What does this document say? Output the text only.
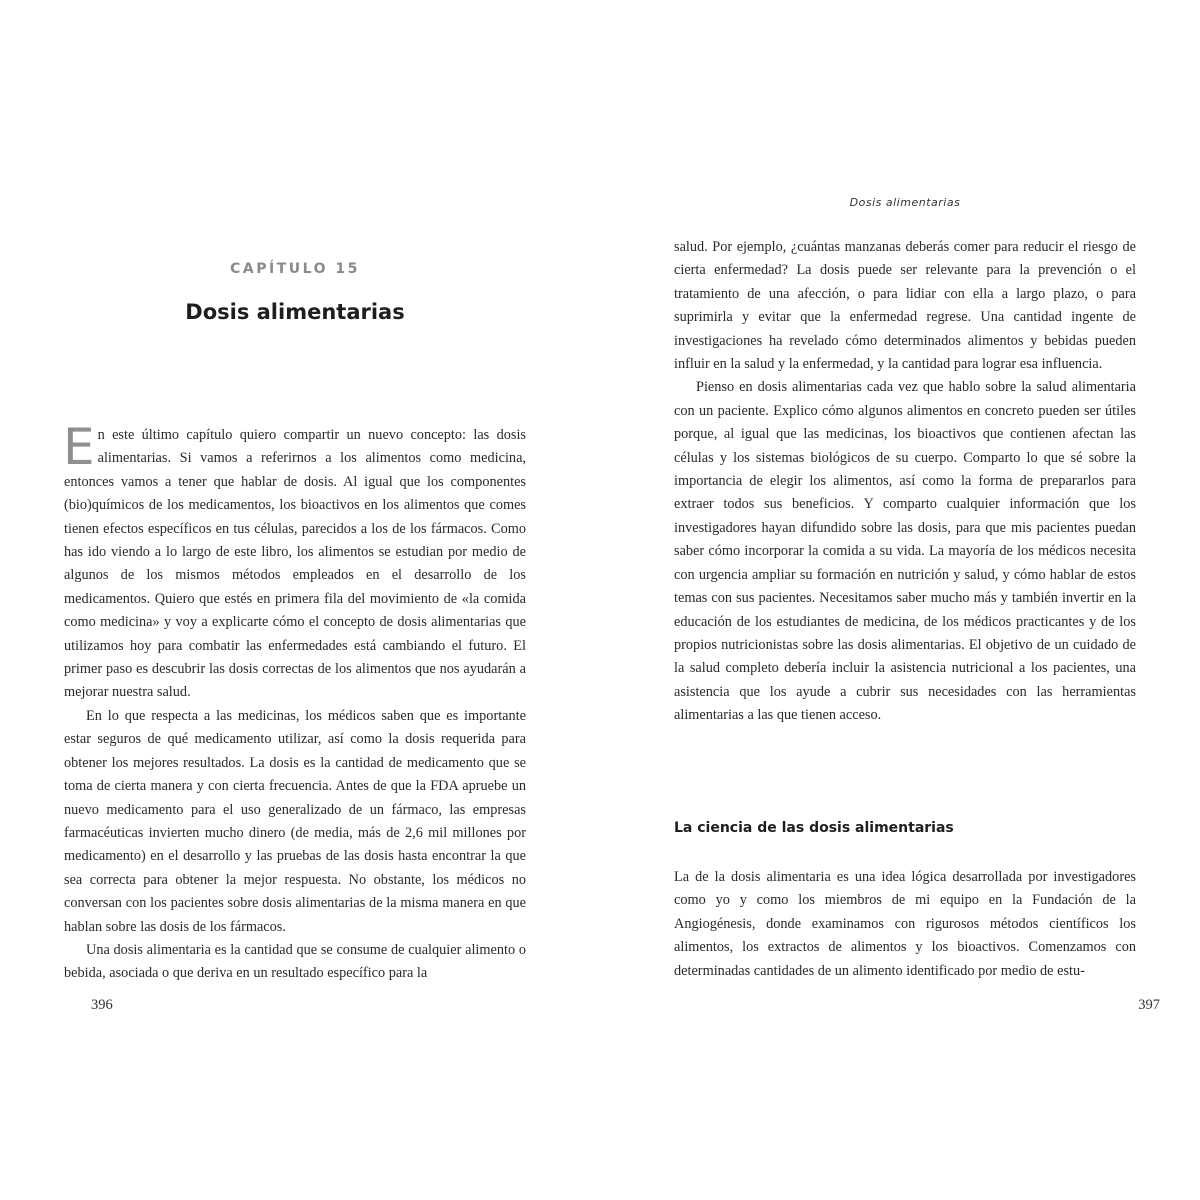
CAPÍTULO 15
Dosis alimentarias

En este último capítulo quiero compartir un nuevo concepto: las dosis alimentarias. Si vamos a referirnos a los alimentos como medicina, entonces vamos a tener que hablar de dosis. Al igual que los componentes (bio)químicos de los medicamentos, los bioactivos en los alimentos que comes tienen efectos específicos en tus células, parecidos a los de los fármacos. Como has ido viendo a lo largo de este libro, los alimentos se estudian por medio de algunos de los mismos métodos empleados en el desarrollo de los medicamentos. Quiero que estés en primera fila del movimiento de «la comida como medicina» y voy a explicarte cómo el concepto de dosis alimentarias que utilizamos hoy para combatir las enfermedades está cambiando el futuro. El primer paso es descubrir las dosis correctas de los alimentos que nos ayudarán a mejorar nuestra salud.

En lo que respecta a las medicinas, los médicos saben que es importante estar seguros de qué medicamento utilizar, así como la dosis requerida para obtener los mejores resultados. La dosis es la cantidad de medicamento que se toma de cierta manera y con cierta frecuencia. Antes de que la FDA apruebe un nuevo medicamento para el uso generalizado de un fármaco, las empresas farmacéuticas invierten mucho dinero (de media, más de 2,6 mil millones por medicamento) en el desarrollo y las pruebas de las dosis hasta encontrar la que sea correcta para obtener la mejor respuesta. No obstante, los médicos no conversan con los pacientes sobre dosis alimentarias de la misma manera en que hablan sobre las dosis de los fármacos.

Una dosis alimentaria es la cantidad que se consume de cualquier alimento o bebida, asociada o que deriva en un resultado específico para la

396
Dosis alimentarias

salud. Por ejemplo, ¿cuántas manzanas deberás comer para reducir el riesgo de cierta enfermedad? La dosis puede ser relevante para la prevención o el tratamiento de una afección, o para lidiar con ella a largo plazo, o para suprimirla y evitar que la enfermedad regrese. Una cantidad ingente de investigaciones ha revelado cómo determinados alimentos y bebidas pueden influir en la salud y la enfermedad, y la cantidad para lograr esa influencia.

Pienso en dosis alimentarias cada vez que hablo sobre la salud alimentaria con un paciente. Explico cómo algunos alimentos en concreto pueden ser útiles porque, al igual que las medicinas, los bioactivos que contienen afectan las células y los sistemas biológicos de su cuerpo. Comparto lo que sé sobre la importancia de elegir los alimentos, así como la forma de prepararlos para extraer todos sus beneficios. Y comparto cualquier información que los investigadores hayan difundido sobre las dosis, para que mis pacientes puedan saber cómo incorporar la comida a su vida. La mayoría de los médicos necesita con urgencia ampliar su formación en nutrición y salud, y cómo hablar de estos temas con sus pacientes. Necesitamos saber mucho más y también invertir en la educación de los estudiantes de medicina, de los médicos practicantes y de los propios nutricionistas sobre las dosis alimentarias. El objetivo de un cuidado de la salud completo debería incluir la asistencia nutricional a los pacientes, una asistencia que los ayude a cubrir sus necesidades con las herramientas alimentarias a las que tienen acceso.

La ciencia de las dosis alimentarias

La de la dosis alimentaria es una idea lógica desarrollada por investigadores como yo y como los miembros de mi equipo en la Fundación de la Angiogénesis, donde examinamos con rigurosos métodos científicos los alimentos, los extractos de alimentos y los bioactivos. Comenzamos con determinadas cantidades de un alimento identificado por medio de estu-

397
